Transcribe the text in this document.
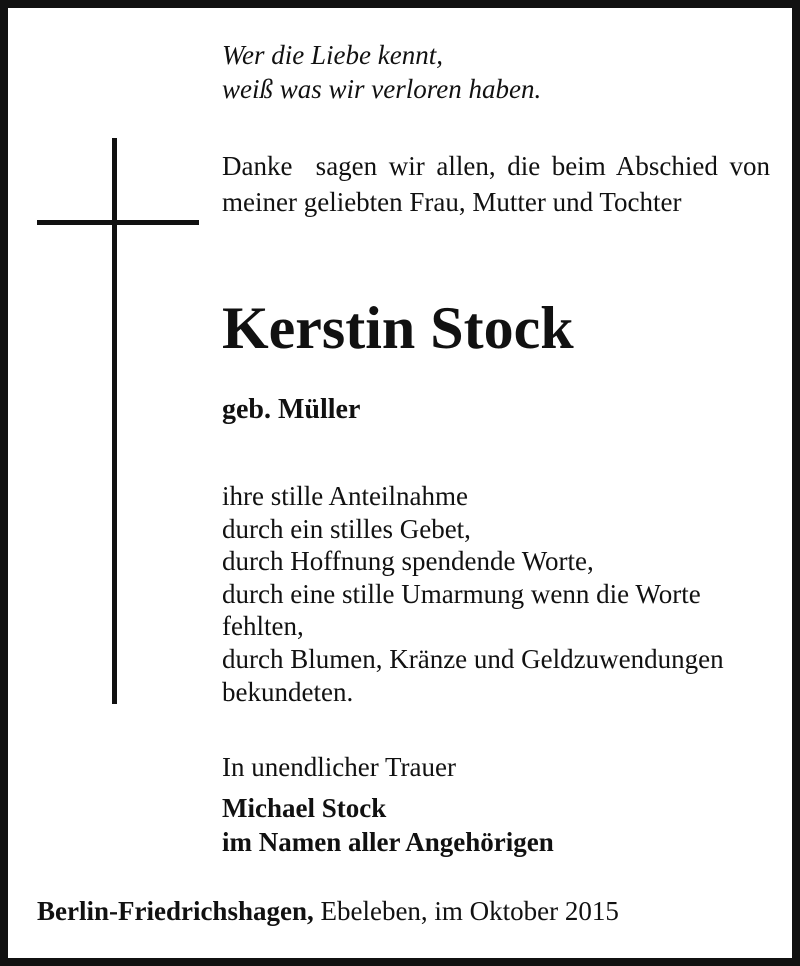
Wer die Liebe kennt,
weiß was wir verloren haben.
Danke  sagen wir allen, die beim Abschied von meiner geliebten Frau, Mutter und Tochter
Kerstin Stock
geb. Müller
ihre stille Anteilnahme
durch ein stilles Gebet,
durch Hoffnung spendende Worte,
durch eine stille Umarmung wenn die Worte
fehlten,
durch Blumen, Kränze und Geldzuwendungen
bekundeten.
In unendlicher Trauer
Michael Stock
im Namen aller Angehörigen
Berlin-Friedrichshagen, Ebeleben, im Oktober 2015
